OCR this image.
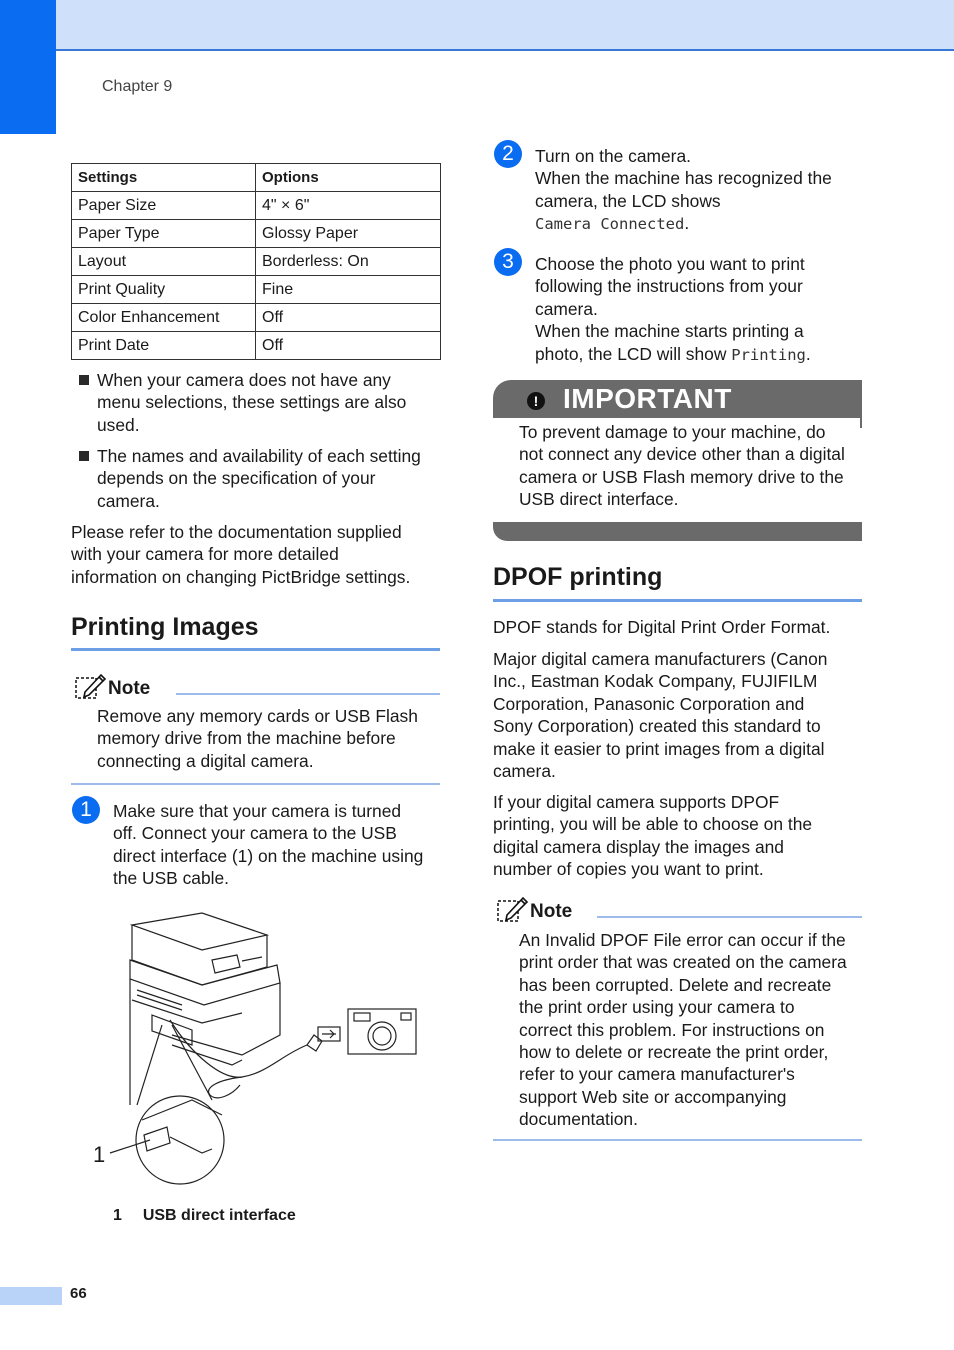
Chapter 9
Settings	Options
Paper Size	4" × 6"
Paper Type	Glossy Paper
Layout	Borderless: On
Print Quality	Fine
Color Enhancement	Off
Print Date	Off
When your camera does not have any
menu selections, these settings are also
used.
The names and availability of each setting
depends on the specification of your
camera.
Please refer to the documentation supplied
with your camera for more detailed
information on changing PictBridge settings.
Printing Images
Note
Remove any memory cards or USB Flash
memory drive from the machine before
connecting a digital camera.
1	Make sure that your camera is turned
off. Connect your camera to the USB
direct interface (1) on the machine using
the USB cable.
1
1 USB direct interface
2	Turn on the camera.
When the machine has recognized the
camera, the LCD shows
Camera Connected.
3	Choose the photo you want to print
following the instructions from your
camera.
When the machine starts printing a
photo, the LCD will show Printing.
! IMPORTANT
To prevent damage to your machine, do
not connect any device other than a digital
camera or USB Flash memory drive to the
USB direct interface.
DPOF printing
DPOF stands for Digital Print Order Format.
Major digital camera manufacturers (Canon
Inc., Eastman Kodak Company, FUJIFILM
Corporation, Panasonic Corporation and
Sony Corporation) created this standard to
make it easier to print images from a digital
camera.
If your digital camera supports DPOF
printing, you will be able to choose on the
digital camera display the images and
number of copies you want to print.
Note
An Invalid DPOF File error can occur if the
print order that was created on the camera
has been corrupted. Delete and recreate
the print order using your camera to
correct this problem. For instructions on
how to delete or recreate the print order,
refer to your camera manufacturer's
support Web site or accompanying
documentation.
66
